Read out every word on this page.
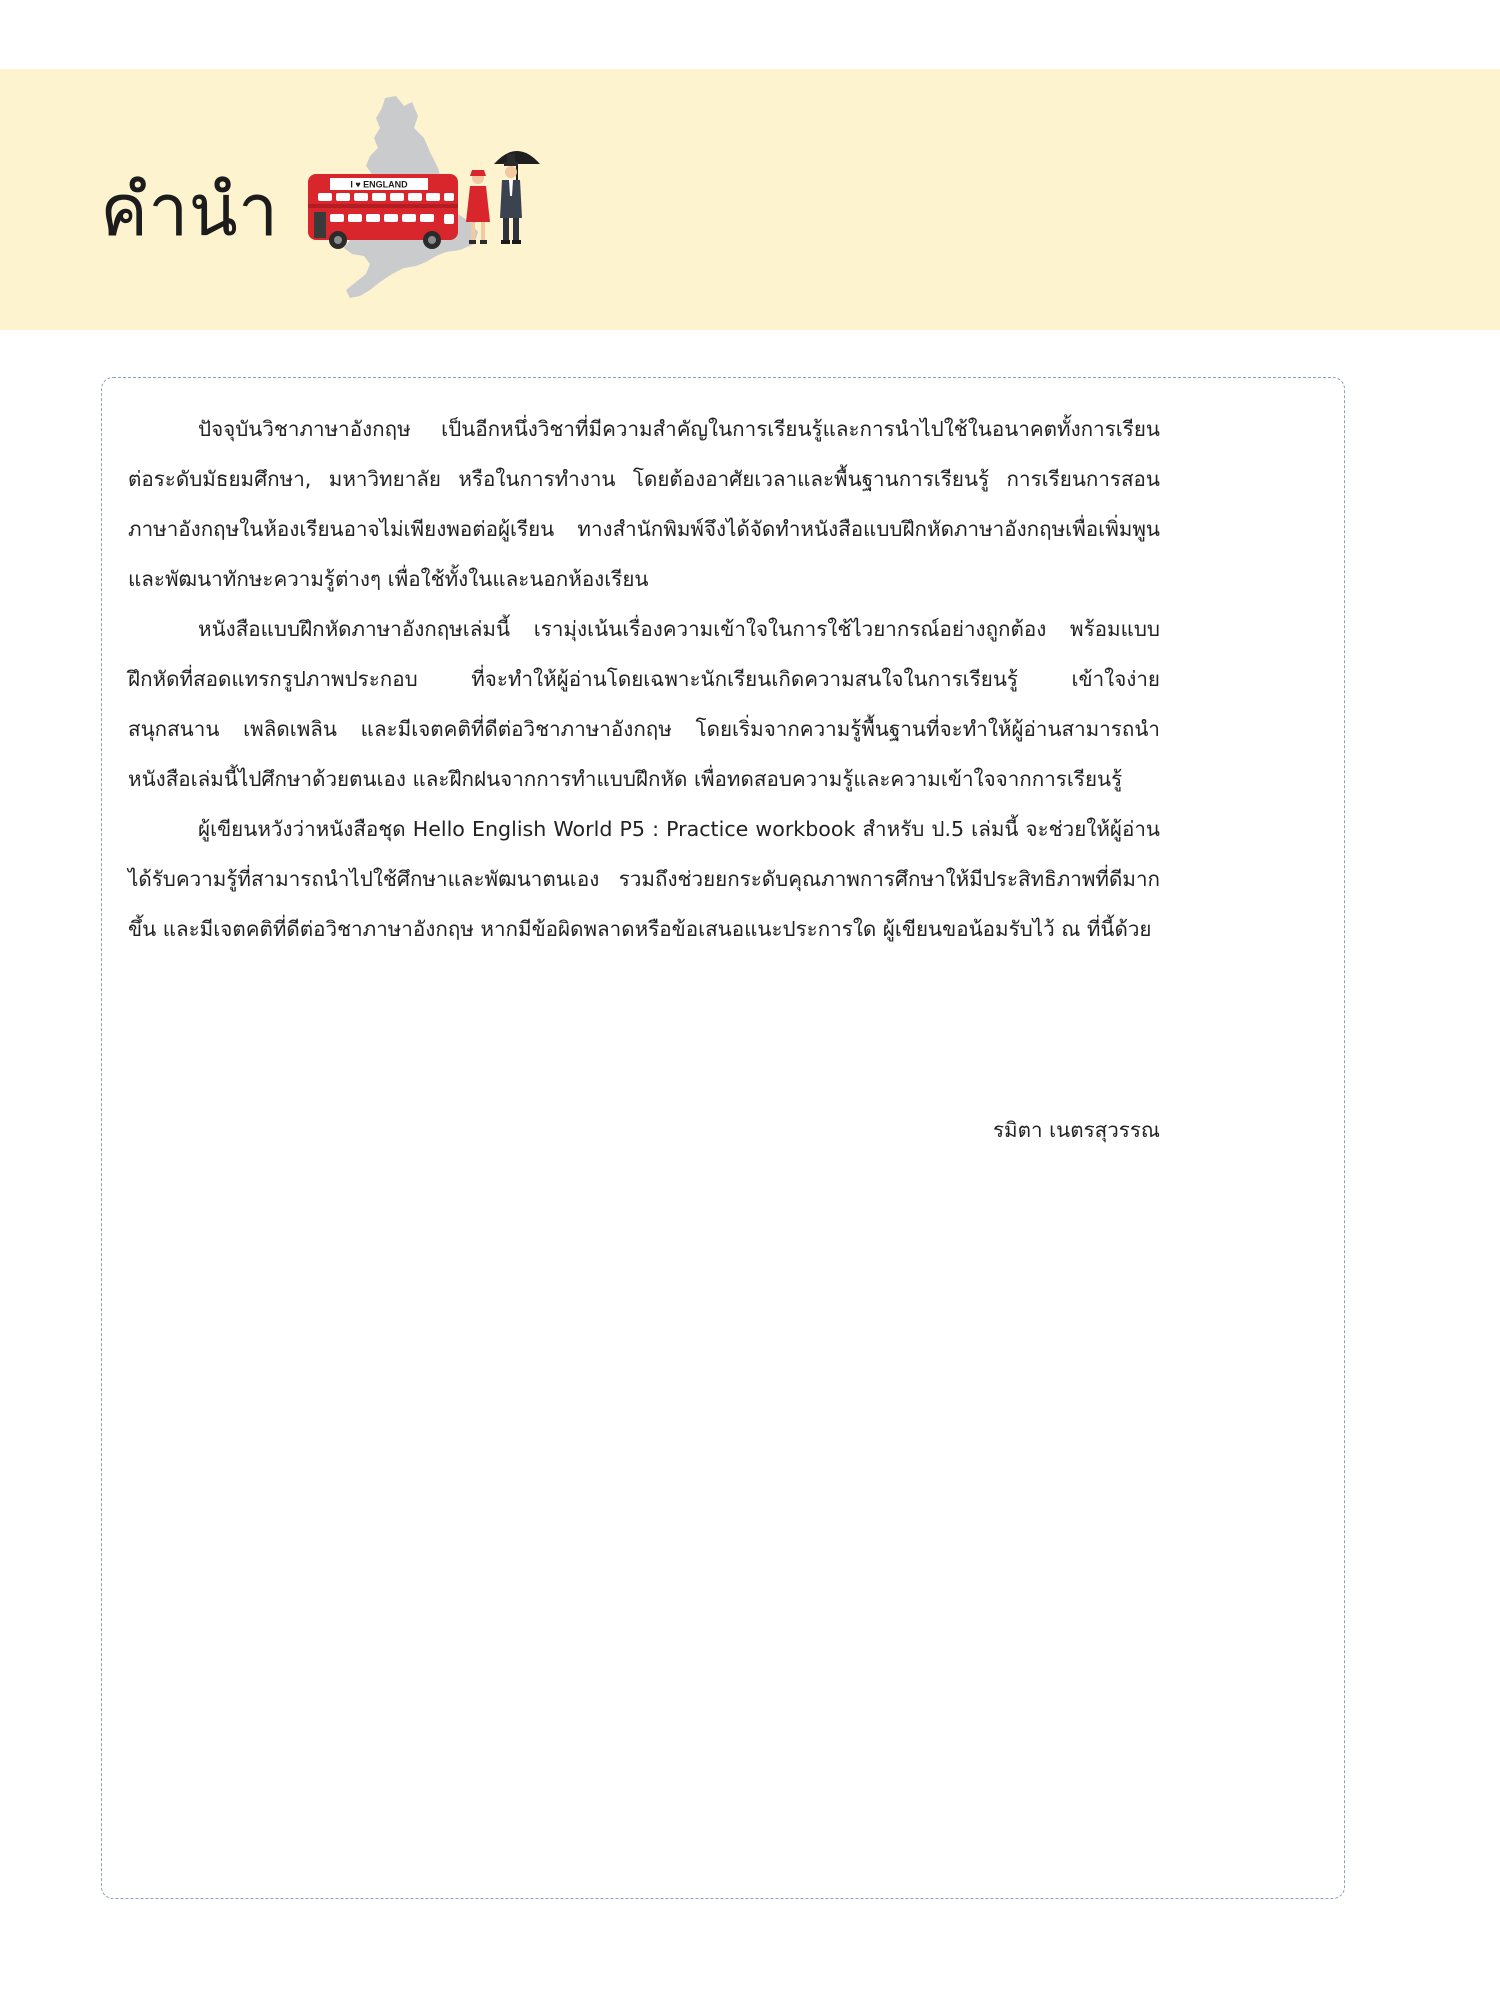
คำนำ	I ♥ ENGLAND

ปัจจุบันวิชาภาษาอังกฤษ เป็นอีกหนึ่งวิชาที่มีความสำคัญในการเรียนรู้และการนำไปใช้ในอนาคตทั้งการเรียนต่อระดับมัธยมศึกษา, มหาวิทยาลัย หรือในการทำงาน โดยต้องอาศัยเวลาและพื้นฐานการเรียนรู้ การเรียนการสอนภาษาอังกฤษในห้องเรียนอาจไม่เพียงพอต่อผู้เรียน ทางสำนักพิมพ์จึงได้จัดทำหนังสือแบบฝึกหัดภาษาอังกฤษเพื่อเพิ่มพูนและพัฒนาทักษะความรู้ต่างๆ เพื่อใช้ทั้งในและนอกห้องเรียน

หนังสือแบบฝึกหัดภาษาอังกฤษเล่มนี้ เรามุ่งเน้นเรื่องความเข้าใจในการใช้ไวยากรณ์อย่างถูกต้อง พร้อมแบบฝึกหัดที่สอดแทรกรูปภาพประกอบ ที่จะทำให้ผู้อ่านโดยเฉพาะนักเรียนเกิดความสนใจในการเรียนรู้ เข้าใจง่าย สนุกสนาน เพลิดเพลิน และมีเจตคติที่ดีต่อวิชาภาษาอังกฤษ โดยเริ่มจากความรู้พื้นฐานที่จะทำให้ผู้อ่านสามารถนำหนังสือเล่มนี้ไปศึกษาด้วยตนเอง และฝึกฝนจากการทำแบบฝึกหัด เพื่อทดสอบความรู้และความเข้าใจจากการเรียนรู้

ผู้เขียนหวังว่าหนังสือชุด Hello English World P5 : Practice workbook สำหรับ ป.5 เล่มนี้ จะช่วยให้ผู้อ่านได้รับความรู้ที่สามารถนำไปใช้ศึกษาและพัฒนาตนเอง รวมถึงช่วยยกระดับคุณภาพการศึกษาให้มีประสิทธิภาพที่ดีมากขึ้น และมีเจตคติที่ดีต่อวิชาภาษาอังกฤษ หากมีข้อผิดพลาดหรือข้อเสนอแนะประการใด ผู้เขียนขอน้อมรับไว้ ณ ที่นี้ด้วย

รมิตา เนตรสุวรรณ
